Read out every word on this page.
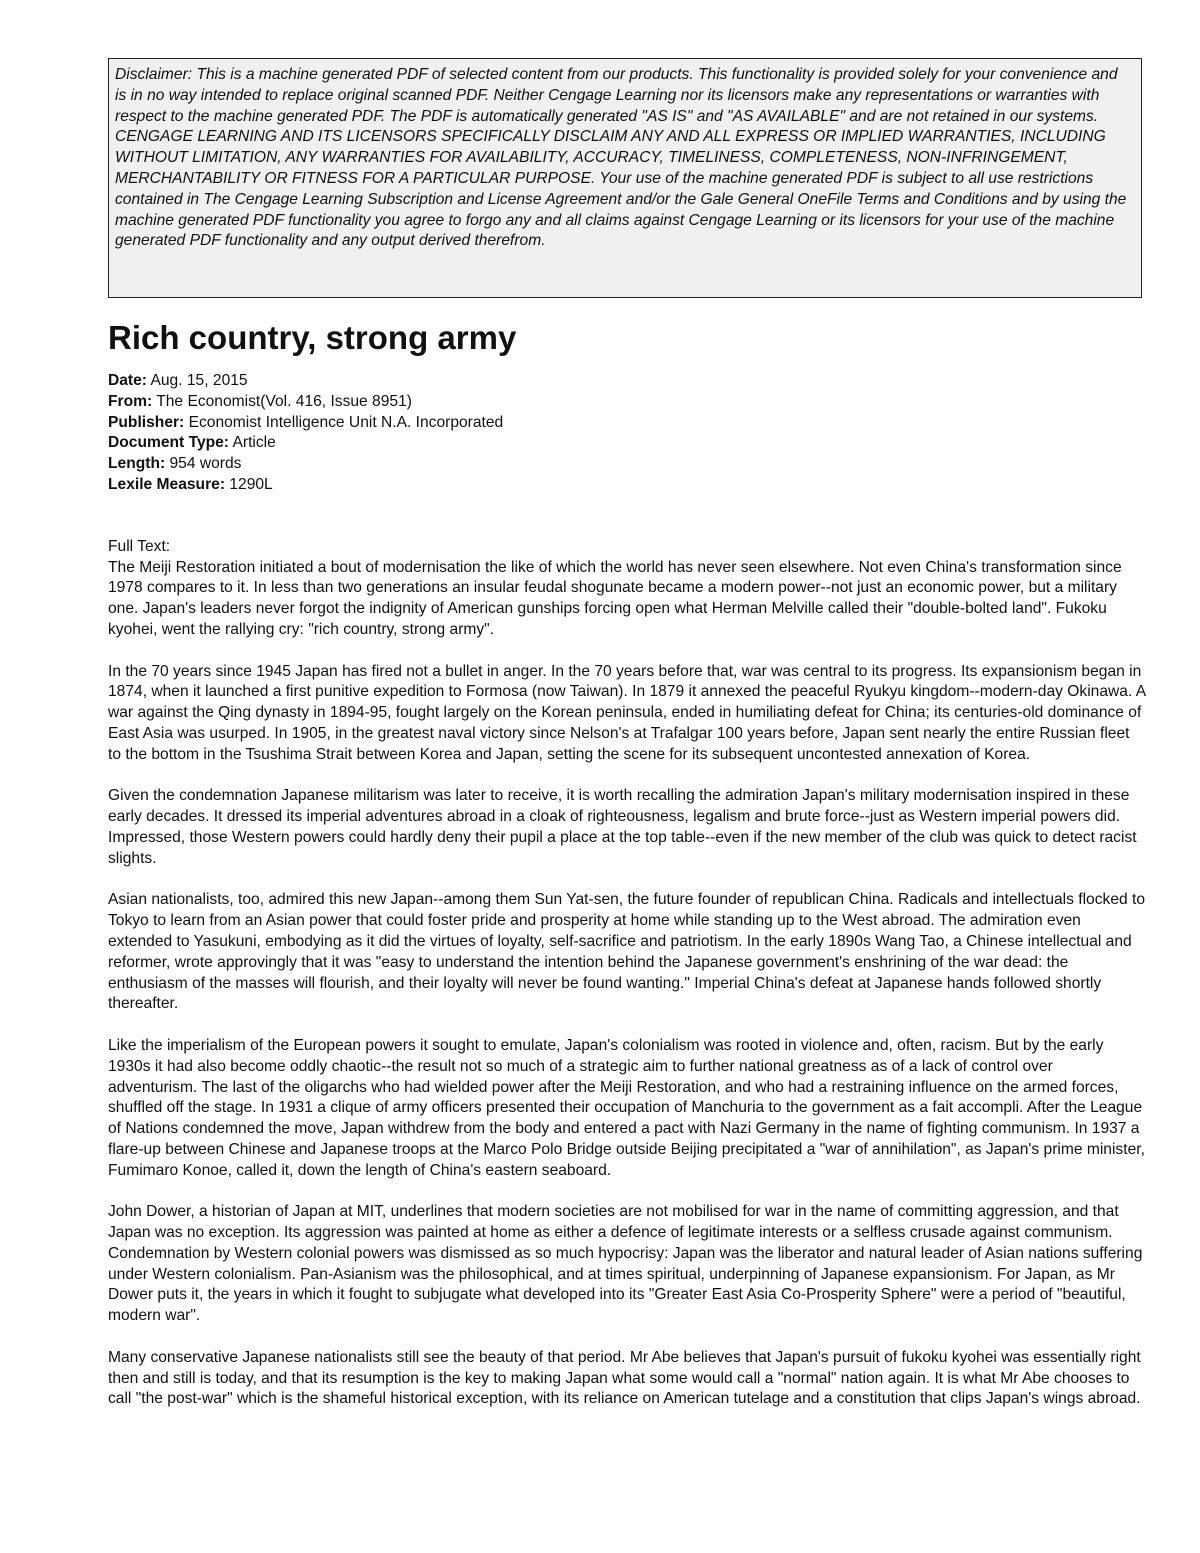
Disclaimer: This is a machine generated PDF of selected content from our products. This functionality is provided solely for your convenience and is in no way intended to replace original scanned PDF. Neither Cengage Learning nor its licensors make any representations or warranties with respect to the machine generated PDF. The PDF is automatically generated "AS IS" and "AS AVAILABLE" and are not retained in our systems. CENGAGE LEARNING AND ITS LICENSORS SPECIFICALLY DISCLAIM ANY AND ALL EXPRESS OR IMPLIED WARRANTIES, INCLUDING WITHOUT LIMITATION, ANY WARRANTIES FOR AVAILABILITY, ACCURACY, TIMELINESS, COMPLETENESS, NON-INFRINGEMENT, MERCHANTABILITY OR FITNESS FOR A PARTICULAR PURPOSE. Your use of the machine generated PDF is subject to all use restrictions contained in The Cengage Learning Subscription and License Agreement and/or the Gale General OneFile Terms and Conditions and by using the machine generated PDF functionality you agree to forgo any and all claims against Cengage Learning or its licensors for your use of the machine generated PDF functionality and any output derived therefrom.
Rich country, strong army
Date: Aug. 15, 2015
From: The Economist(Vol. 416, Issue 8951)
Publisher: Economist Intelligence Unit N.A. Incorporated
Document Type: Article
Length: 954 words
Lexile Measure: 1290L
Full Text:

The Meiji Restoration initiated a bout of modernisation the like of which the world has never seen elsewhere. Not even China's transformation since 1978 compares to it. In less than two generations an insular feudal shogunate became a modern power--not just an economic power, but a military one. Japan's leaders never forgot the indignity of American gunships forcing open what Herman Melville called their "double-bolted land". Fukoku kyohei, went the rallying cry: "rich country, strong army".

In the 70 years since 1945 Japan has fired not a bullet in anger. In the 70 years before that, war was central to its progress. Its expansionism began in 1874, when it launched a first punitive expedition to Formosa (now Taiwan). In 1879 it annexed the peaceful Ryukyu kingdom--modern-day Okinawa. A war against the Qing dynasty in 1894-95, fought largely on the Korean peninsula, ended in humiliating defeat for China; its centuries-old dominance of East Asia was usurped. In 1905, in the greatest naval victory since Nelson's at Trafalgar 100 years before, Japan sent nearly the entire Russian fleet to the bottom in the Tsushima Strait between Korea and Japan, setting the scene for its subsequent uncontested annexation of Korea.

Given the condemnation Japanese militarism was later to receive, it is worth recalling the admiration Japan's military modernisation inspired in these early decades. It dressed its imperial adventures abroad in a cloak of righteousness, legalism and brute force--just as Western imperial powers did. Impressed, those Western powers could hardly deny their pupil a place at the top table--even if the new member of the club was quick to detect racist slights.

Asian nationalists, too, admired this new Japan--among them Sun Yat-sen, the future founder of republican China. Radicals and intellectuals flocked to Tokyo to learn from an Asian power that could foster pride and prosperity at home while standing up to the West abroad. The admiration even extended to Yasukuni, embodying as it did the virtues of loyalty, self-sacrifice and patriotism. In the early 1890s Wang Tao, a Chinese intellectual and reformer, wrote approvingly that it was "easy to understand the intention behind the Japanese government's enshrining of the war dead: the enthusiasm of the masses will flourish, and their loyalty will never be found wanting." Imperial China's defeat at Japanese hands followed shortly thereafter.

Like the imperialism of the European powers it sought to emulate, Japan's colonialism was rooted in violence and, often, racism. But by the early 1930s it had also become oddly chaotic--the result not so much of a strategic aim to further national greatness as of a lack of control over adventurism. The last of the oligarchs who had wielded power after the Meiji Restoration, and who had a restraining influence on the armed forces, shuffled off the stage. In 1931 a clique of army officers presented their occupation of Manchuria to the government as a fait accompli. After the League of Nations condemned the move, Japan withdrew from the body and entered a pact with Nazi Germany in the name of fighting communism. In 1937 a flare-up between Chinese and Japanese troops at the Marco Polo Bridge outside Beijing precipitated a "war of annihilation", as Japan's prime minister, Fumimaro Konoe, called it, down the length of China's eastern seaboard.

John Dower, a historian of Japan at MIT, underlines that modern societies are not mobilised for war in the name of committing aggression, and that Japan was no exception. Its aggression was painted at home as either a defence of legitimate interests or a selfless crusade against communism. Condemnation by Western colonial powers was dismissed as so much hypocrisy: Japan was the liberator and natural leader of Asian nations suffering under Western colonialism. Pan-Asianism was the philosophical, and at times spiritual, underpinning of Japanese expansionism. For Japan, as Mr Dower puts it, the years in which it fought to subjugate what developed into its "Greater East Asia Co-Prosperity Sphere" were a period of "beautiful, modern war".

Many conservative Japanese nationalists still see the beauty of that period. Mr Abe believes that Japan's pursuit of fukoku kyohei was essentially right then and still is today, and that its resumption is the key to making Japan what some would call a "normal" nation again. It is what Mr Abe chooses to call "the post-war" which is the shameful historical exception, with its reliance on American tutelage and a constitution that clips Japan's wings abroad.
